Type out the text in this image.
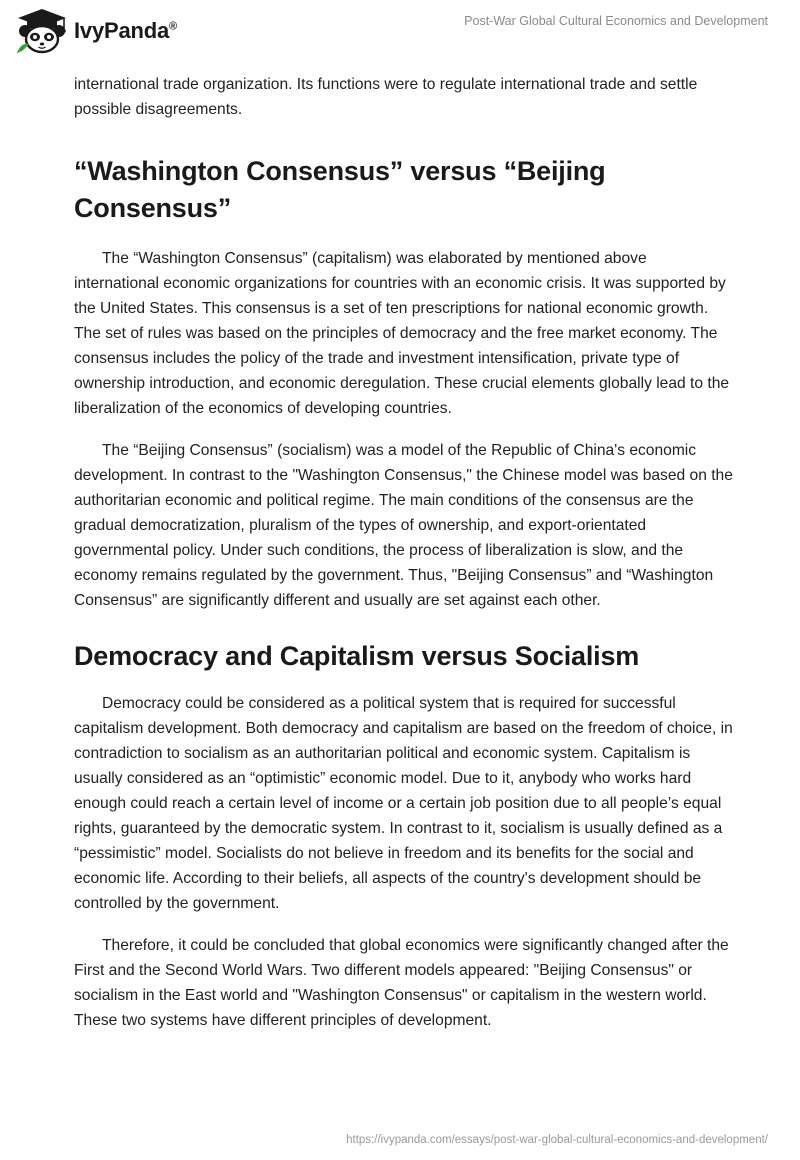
IvyPanda®	Post-War Global Cultural Economics and Development

international trade organization. Its functions were to regulate international trade and settle possible disagreements.

“Washington Consensus” versus “Beijing Consensus”

The “Washington Consensus” (capitalism) was elaborated by mentioned above international economic organizations for countries with an economic crisis. It was supported by the United States. This consensus is a set of ten prescriptions for national economic growth. The set of rules was based on the principles of democracy and the free market economy. The consensus includes the policy of the trade and investment intensification, private type of ownership introduction, and economic deregulation. These crucial elements globally lead to the liberalization of the economics of developing countries.

The “Beijing Consensus” (socialism) was a model of the Republic of China's economic development. In contrast to the "Washington Consensus," the Chinese model was based on the authoritarian economic and political regime. The main conditions of the consensus are the gradual democratization, pluralism of the types of ownership, and export-orientated governmental policy. Under such conditions, the process of liberalization is slow, and the economy remains regulated by the government. Thus, "Beijing Consensus” and “Washington Consensus” are significantly different and usually are set against each other.

Democracy and Capitalism versus Socialism

Democracy could be considered as a political system that is required for successful capitalism development. Both democracy and capitalism are based on the freedom of choice, in contradiction to socialism as an authoritarian political and economic system. Capitalism is usually considered as an “optimistic” economic model. Due to it, anybody who works hard enough could reach a certain level of income or a certain job position due to all people’s equal rights, guaranteed by the democratic system. In contrast to it, socialism is usually defined as a “pessimistic” model. Socialists do not believe in freedom and its benefits for the social and economic life. According to their beliefs, all aspects of the country's development should be controlled by the government.

Therefore, it could be concluded that global economics were significantly changed after the First and the Second World Wars. Two different models appeared: "Beijing Consensus" or socialism in the East world and "Washington Consensus" or capitalism in the western world. These two systems have different principles of development.

https://ivypanda.com/essays/post-war-global-cultural-economics-and-development/
